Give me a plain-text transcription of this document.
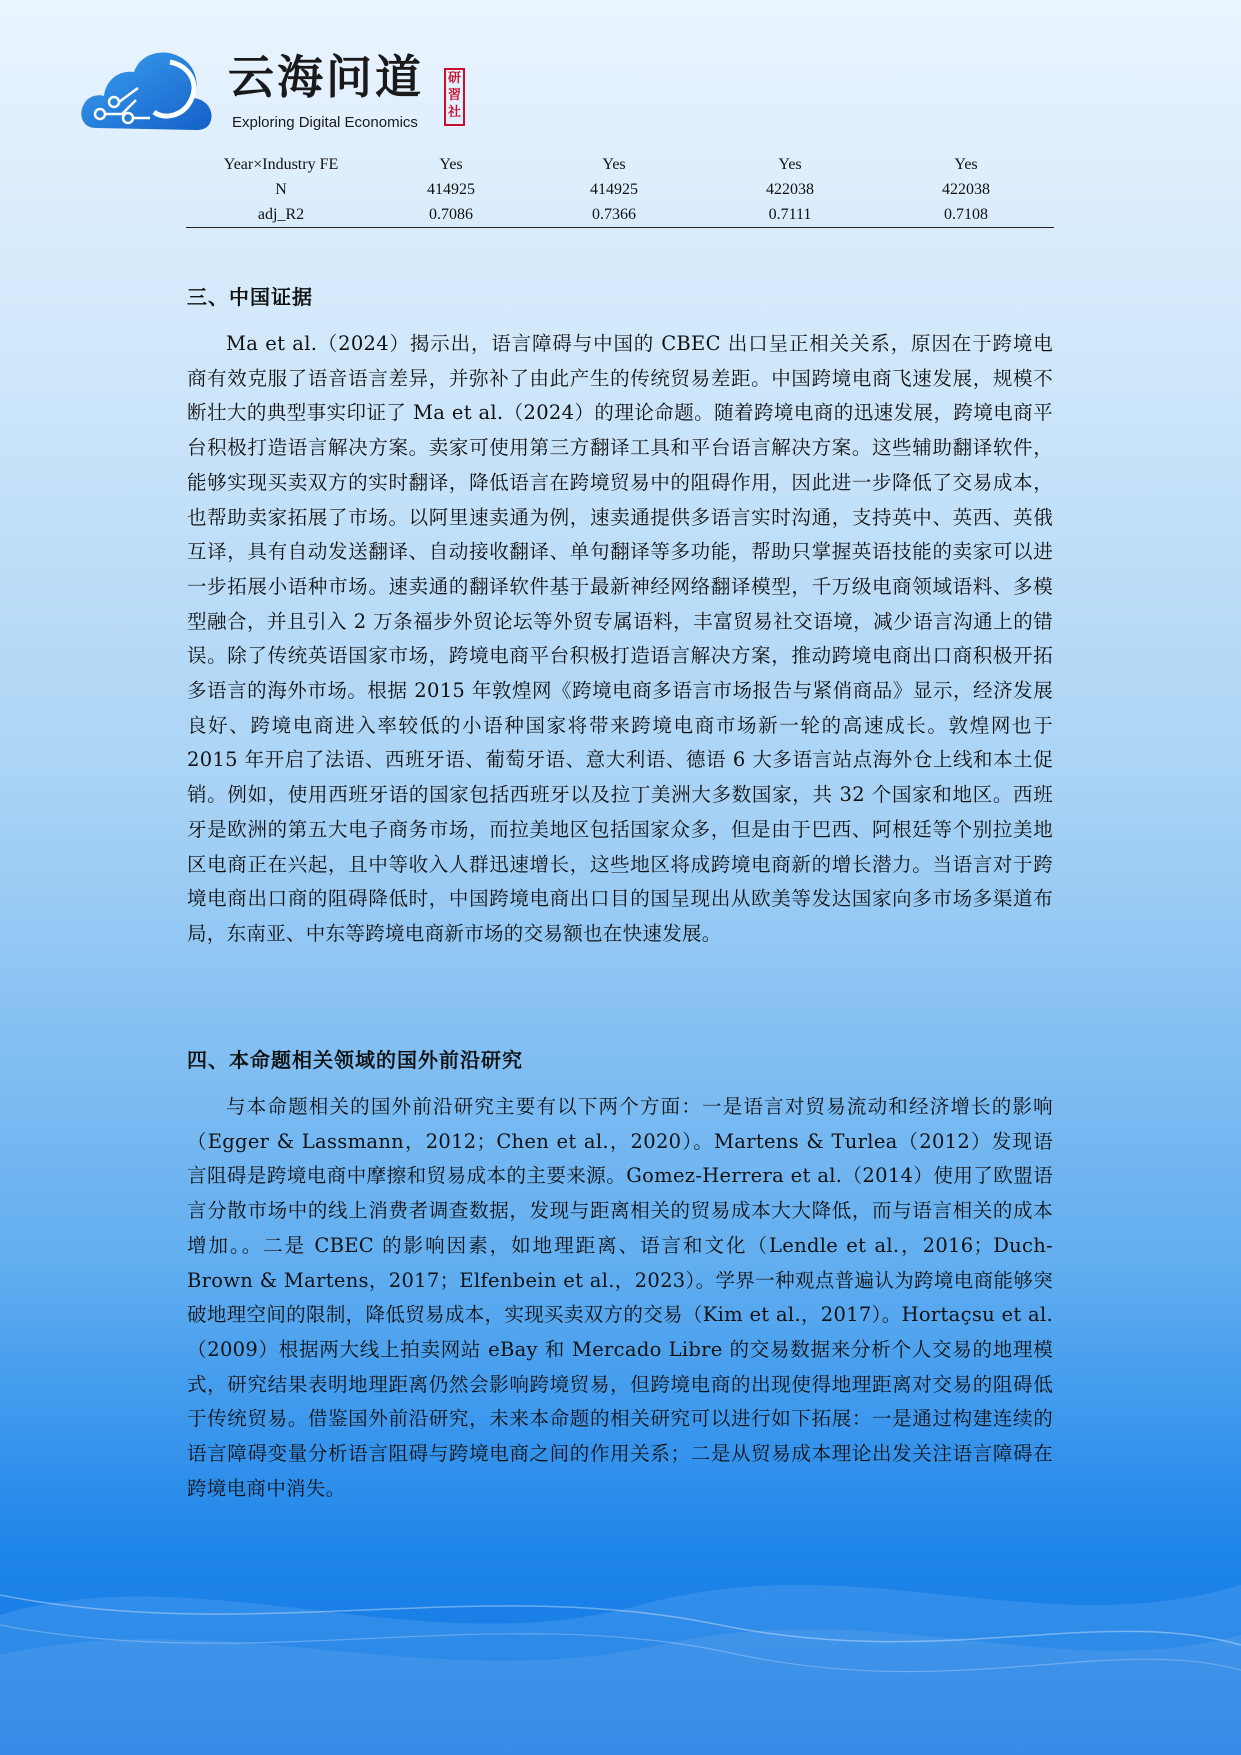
云海问道
Exploring Digital Economics
研
習
社
Year×Industry FE	Yes	Yes	Yes	Yes
N	414925	414925	422038	422038
adj_R2	0.7086	0.7366	0.7111	0.7108
三、中国证据

Ma et al.（2024）揭示出，语言障碍与中国的 CBEC 出口呈正相关关系，原因在于跨境电商有效克服了语音语言差异，并弥补了由此产生的传统贸易差距。中国跨境电商飞速发展，规模不断壮大的典型事实印证了 Ma et al.（2024）的理论命题。随着跨境电商的迅速发展，跨境电商平台积极打造语言解决方案。卖家可使用第三方翻译工具和平台语言解决方案。这些辅助翻译软件，能够实现买卖双方的实时翻译，降低语言在跨境贸易中的阻碍作用，因此进一步降低了交易成本，也帮助卖家拓展了市场。以阿里速卖通为例，速卖通提供多语言实时沟通，支持英中、英西、英俄互译，具有自动发送翻译、自动接收翻译、单句翻译等多功能，帮助只掌握英语技能的卖家可以进一步拓展小语种市场。速卖通的翻译软件基于最新神经网络翻译模型，千万级电商领域语料、多模型融合，并且引入 2 万条福步外贸论坛等外贸专属语料，丰富贸易社交语境，减少语言沟通上的错误。除了传统英语国家市场，跨境电商平台积极打造语言解决方案，推动跨境电商出口商积极开拓多语言的海外市场。根据 2015 年敦煌网《跨境电商多语言市场报告与紧俏商品》显示，经济发展良好、跨境电商进入率较低的小语种国家将带来跨境电商市场新一轮的高速成长。敦煌网也于 2015 年开启了法语、西班牙语、葡萄牙语、意大利语、德语 6 大多语言站点海外仓上线和本土促销。例如，使用西班牙语的国家包括西班牙以及拉丁美洲大多数国家，共 32 个国家和地区。西班牙是欧洲的第五大电子商务市场，而拉美地区包括国家众多，但是由于巴西、阿根廷等个别拉美地区电商正在兴起，且中等收入人群迅速增长，这些地区将成跨境电商新的增长潜力。当语言对于跨境电商出口商的阻碍降低时，中国跨境电商出口目的国呈现出从欧美等发达国家向多市场多渠道布局，东南亚、中东等跨境电商新市场的交易额也在快速发展。

四、本命题相关领域的国外前沿研究

与本命题相关的国外前沿研究主要有以下两个方面：一是语言对贸易流动和经济增长的影响（Egger & Lassmann，2012；Chen et al.，2020）。Martens & Turlea（2012）发现语言阻碍是跨境电商中摩擦和贸易成本的主要来源。Gomez-Herrera et al.（2014）使用了欧盟语言分散市场中的线上消费者调查数据，发现与距离相关的贸易成本大大降低，而与语言相关的成本增加。。二是 CBEC 的影响因素，如地理距离、语言和文化（Lendle et al.，2016；Duch-Brown & Martens，2017；Elfenbein et al.，2023）。学界一种观点普遍认为跨境电商能够突破地理空间的限制，降低贸易成本，实现买卖双方的交易（Kim et al.，2017）。Hortaçsu et al.（2009）根据两大线上拍卖网站 eBay 和 Mercado Libre 的交易数据来分析个人交易的地理模式，研究结果表明地理距离仍然会影响跨境贸易，但跨境电商的出现使得地理距离对交易的阻碍低于传统贸易。借鉴国外前沿研究，未来本命题的相关研究可以进行如下拓展：一是通过构建连续的语言障碍变量分析语言阻碍与跨境电商之间的作用关系；二是从贸易成本理论出发关注语言障碍在跨境电商中消失。
